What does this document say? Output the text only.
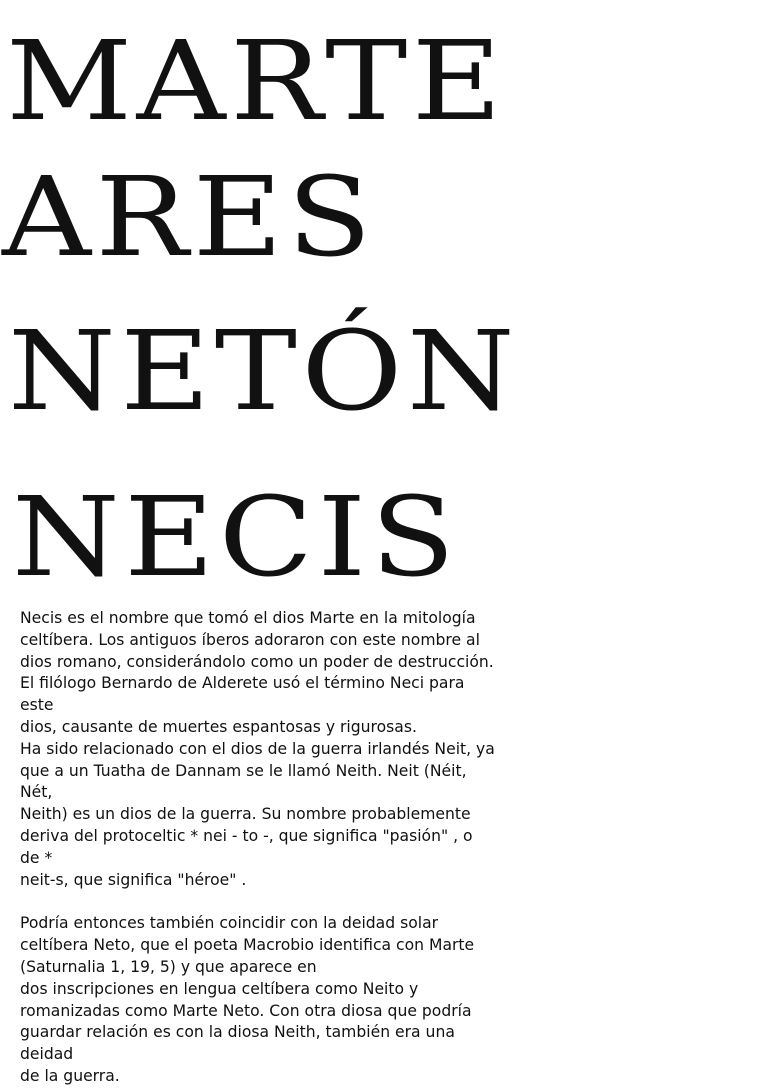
MARTE
ARES
NETÓN
NECIS

Necis es el nombre que tomó el dios Marte en la mitología

celtíbera. Los antiguos íberos adoraron con este nombre al

dios romano, considerándolo como un poder de destrucción.

El filólogo Bernardo de Alderete usó el término Neci para este

dios, causante de muertes espantosas y rigurosas.

Ha sido relacionado con el dios de la guerra irlandés Neit, ya

que a un Tuatha de Dannam se le llamó Neith. Neit (Néit, Nét,

Neith) es un dios de la guerra. Su nombre probablemente

deriva del protoceltic * nei - to -, que significa "pasión" , o de *

neit-s, que significa "héroe" .

Podría entonces también coincidir con la deidad solar

celtíbera Neto, que el poeta Macrobio identifica con Marte

(Saturnalia 1, 19, 5) y que aparece en

dos inscripciones en lengua celtíbera como Neito y

romanizadas como Marte Neto. Con otra diosa que podría

guardar relación es con la diosa Neith, también era una deidad

de la guerra.
